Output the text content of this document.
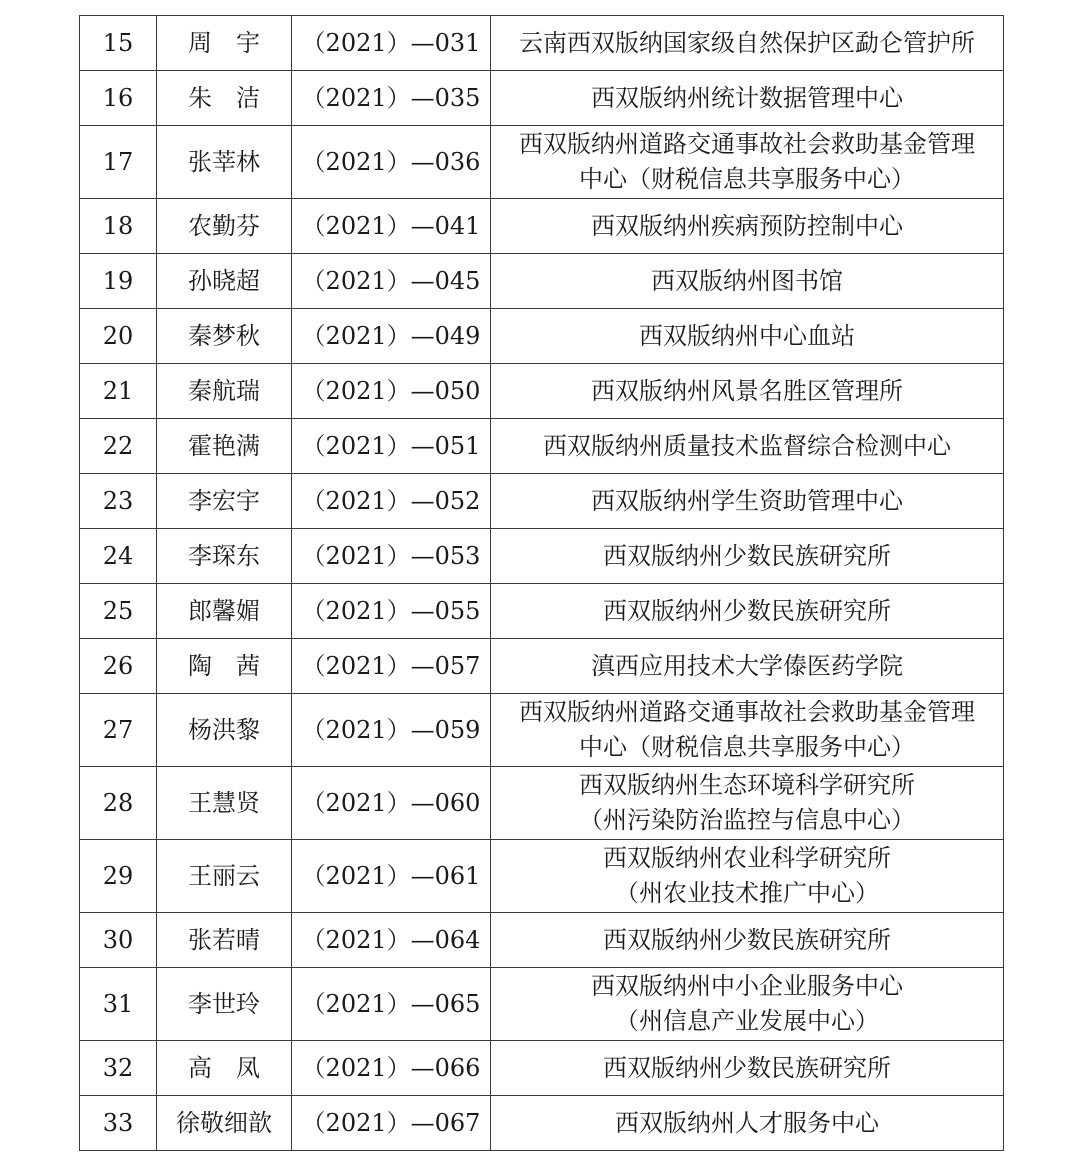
15	周　宇	（2021）—031	云南西双版纳国家级自然保护区勐仑管护所

16	朱　洁	（2021）—035	西双版纳州统计数据管理中心

17	张莘林	（2021）—036	西双版纳州道路交通事故社会救助基金管理
中心（财税信息共享服务中心）

18	农勤芬	（2021）—041	西双版纳州疾病预防控制中心

19	孙晓超	（2021）—045	西双版纳州图书馆

20	秦梦秋	（2021）—049	西双版纳州中心血站

21	秦航瑞	（2021）—050	西双版纳州风景名胜区管理所

22	霍艳满	（2021）—051	西双版纳州质量技术监督综合检测中心

23	李宏宇	（2021）—052	西双版纳州学生资助管理中心

24	李琛东	（2021）—053	西双版纳州少数民族研究所

25	郎馨媚	（2021）—055	西双版纳州少数民族研究所

26	陶　茜	（2021）—057	滇西应用技术大学傣医药学院

27	杨洪黎	（2021）—059	西双版纳州道路交通事故社会救助基金管理
中心（财税信息共享服务中心）

28	王慧贤	（2021）—060	西双版纳州生态环境科学研究所
（州污染防治监控与信息中心）

29	王丽云	（2021）—061	西双版纳州农业科学研究所
（州农业技术推广中心）

30	张若晴	（2021）—064	西双版纳州少数民族研究所

31	李世玲	（2021）—065	西双版纳州中小企业服务中心
（州信息产业发展中心）

32	高　凤	（2021）—066	西双版纳州少数民族研究所

33	徐敬细歆	（2021）—067	西双版纳州人才服务中心
